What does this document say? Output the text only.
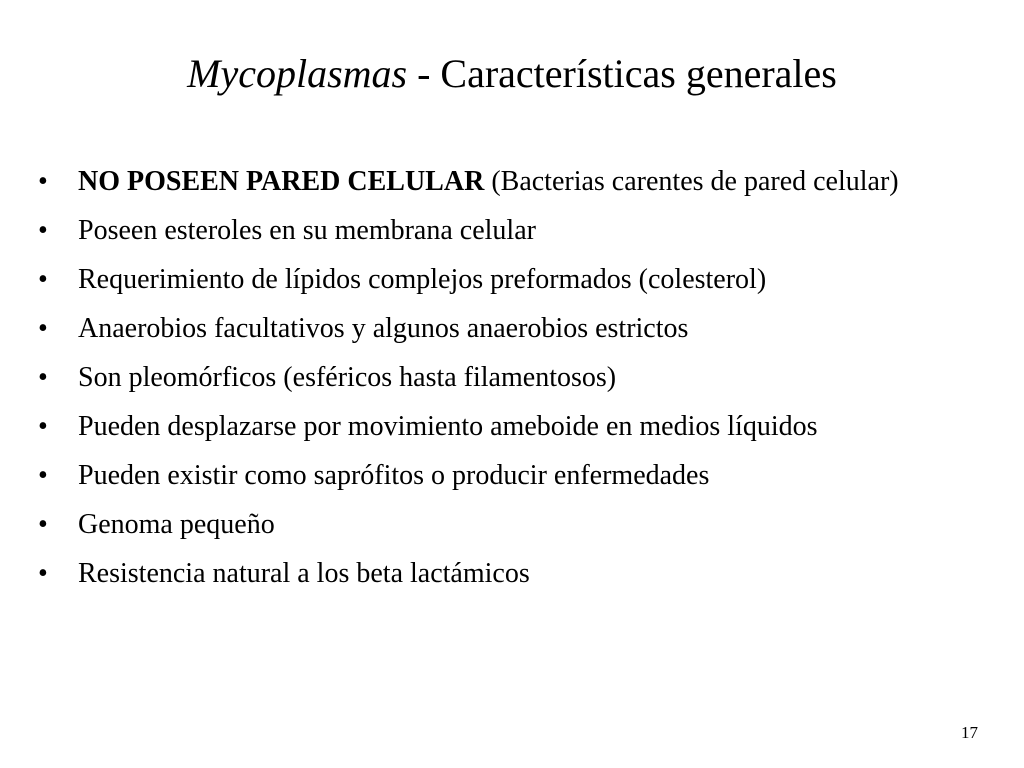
Mycoplasmas - Características generales
•	NO POSEEN PARED CELULAR (Bacterias carentes de pared celular)
•	Poseen esteroles en su membrana celular
•	Requerimiento de lípidos complejos preformados (colesterol)
•	Anaerobios facultativos y algunos anaerobios estrictos
•	Son pleomórficos (esféricos hasta filamentosos)
•	Pueden desplazarse por movimiento ameboide en medios líquidos
•	Pueden existir como saprófitos o producir enfermedades
•	Genoma pequeño
•	Resistencia natural a los beta lactámicos
17
